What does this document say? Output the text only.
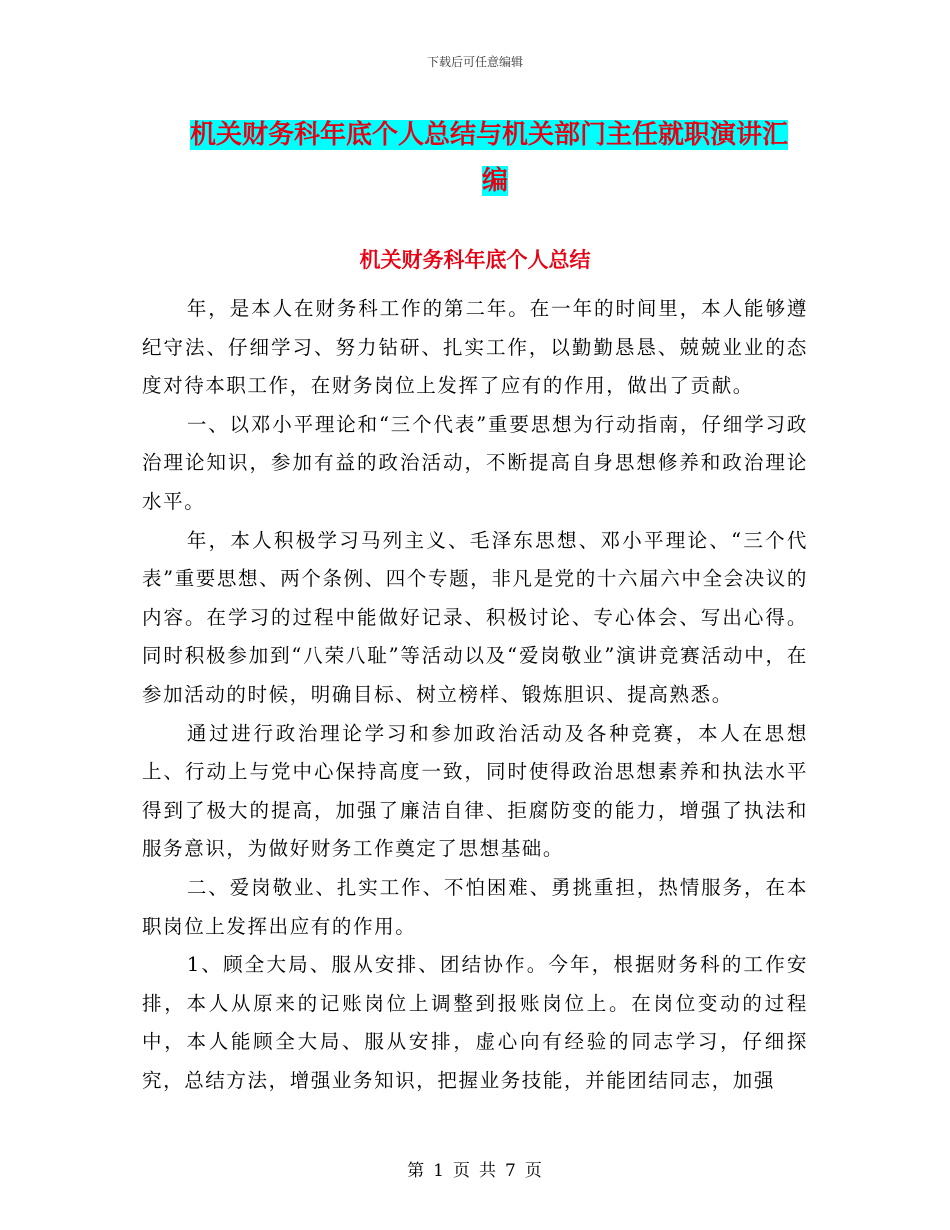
下载后可任意编辑
机关财务科年底个人总结与机关部门主任就职演讲汇

编
机关财务科年底个人总结

年，是本人在财务科工作的第二年。在一年的时间里，本人能够遵纪守法、仔细学习、努力钻研、扎实工作，以勤勤恳恳、兢兢业业的态度对待本职工作，在财务岗位上发挥了应有的作用，做出了贡献。

一、以邓小平理论和“三个代表”重要思想为行动指南，仔细学习政治理论知识，参加有益的政治活动，不断提高自身思想修养和政治理论水平。

年，本人积极学习马列主义、毛泽东思想、邓小平理论、“三个代表”重要思想、两个条例、四个专题，非凡是党的十六届六中全会决议的内容。在学习的过程中能做好记录、积极讨论、专心体会、写出心得。同时积极参加到“八荣八耻”等活动以及“爱岗敬业”演讲竞赛活动中，在参加活动的时候，明确目标、树立榜样、锻炼胆识、提高熟悉。

通过进行政治理论学习和参加政治活动及各种竞赛，本人在思想上、行动上与党中心保持高度一致，同时使得政治思想素养和执法水平得到了极大的提高，加强了廉洁自律、拒腐防变的能力，增强了执法和服务意识，为做好财务工作奠定了思想基础。

二、爱岗敬业、扎实工作、不怕困难、勇挑重担，热情服务，在本职岗位上发挥出应有的作用。

1、顾全大局、服从安排、团结协作。今年，根据财务科的工作安排，本人从原来的记账岗位上调整到报账岗位上。在岗位变动的过程中，本人能顾全大局、服从安排，虚心向有经验的同志学习，仔细探究，总结方法，增强业务知识，把握业务技能，并能团结同志，加强

第 1 页 共 7 页
